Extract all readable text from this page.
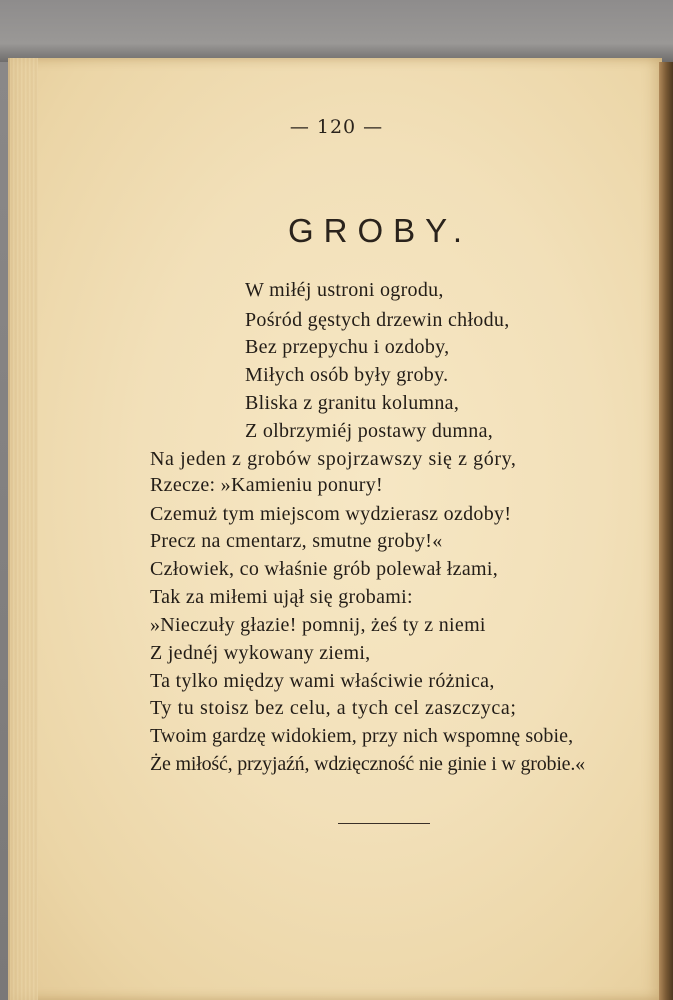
— 120 —
GROBY.
W miłéj ustroni ogrodu,
Pośród gęstych drzewin chłodu,
Bez przepychu i ozdoby,
Miłych osób były groby.
Bliska z granitu kolumna,
Z olbrzymiéj postawy dumna,
Na jeden z grobów spojrzawszy się z góry,
Rzecze: »Kamieniu ponury!
Czemuż tym miejscom wydzierasz ozdoby!
Precz na cmentarz, smutne groby!«
Człowiek, co właśnie grób polewał łzami,
Tak za miłemi ujął się grobami:
»Nieczuły głazie! pomnij, żeś ty z niemi
Z jednéj wykowany ziemi,
Ta tylko między wami właściwie różnica,
Ty tu stoisz bez celu, a tych cel zaszczyca;
Twoim gardzę widokiem, przy nich wspomnę sobie,
Że miłość, przyjaźń, wdzięczność nie ginie i w grobie.«
